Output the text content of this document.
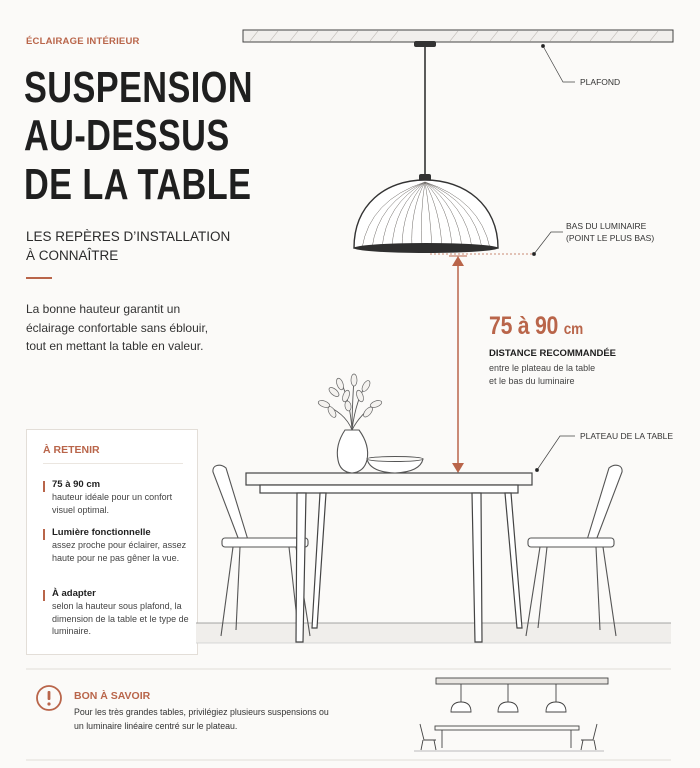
ÉCLAIRAGE INTÉRIEUR
SUSPENSION
AU-DESSUS
DE LA TABLE
LES REPÈRES D’INSTALLATION
À CONNAÎTRE
La bonne hauteur garantit un éclairage confortable sans éblouir, tout en mettant la table en valeur.
À RETENIR
75 à 90 cm
hauteur idéale pour un confort visuel optimal.
Lumière fonctionnelle
assez proche pour éclairer, assez haute pour ne pas gêner la vue.
À adapter
selon la hauteur sous plafond, la dimension de la table et le type de luminaire.
75 à 90 cm
DISTANCE RECOMMANDÉE
entre le plateau de la table
et le bas du luminaire
PLAFOND
BAS DU LUMINAIRE
(POINT LE PLUS BAS)
PLATEAU DE LA TABLE
BON À SAVOIR
Pour les très grandes tables, privilégiez plusieurs suspensions ou un luminaire linéaire centré sur le plateau.
